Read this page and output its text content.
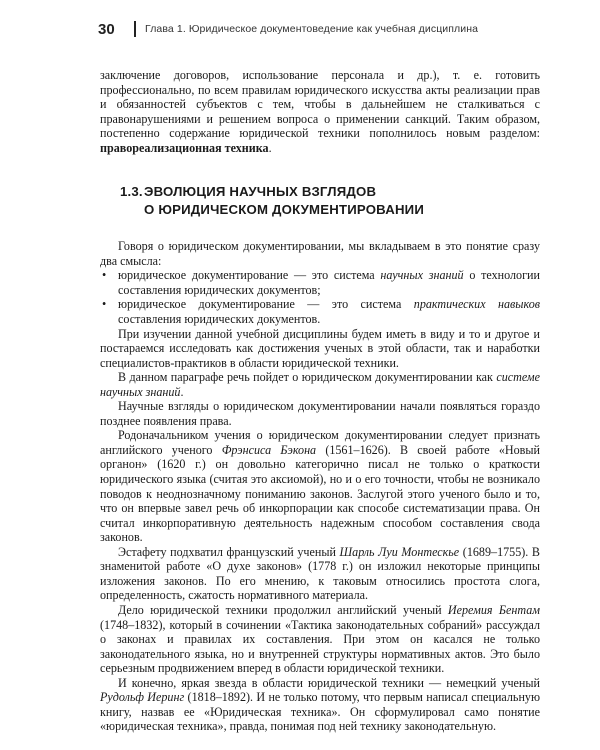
30	Глава 1. Юридическое документоведение как учебная дисциплина

заключение договоров, использование персонала и др.), т. е. готовить профессионально, по всем правилам юридического искусства акты реализации прав и обязанностей субъектов с тем, чтобы в дальнейшем не сталкиваться с правонарушениями и решением вопроса о применении санкций. Таким образом, постепенно содержание юридической техники пополнилось новым разделом: правореализационная техника.

1.3.ЭВОЛЮЦИЯ НАУЧНЫХ ВЗГЛЯДОВ
О ЮРИДИЧЕСКОМ ДОКУМЕНТИРОВАНИИ

Говоря о юридическом документировании, мы вкладываем в это понятие сразу два смысла:

• юридическое документирование — это система научных знаний о технологии составления юридических документов;
• юридическое документирование — это система практических навыков составления юридических документов.

При изучении данной учебной дисциплины будем иметь в виду и то и другое и постараемся исследовать как достижения ученых в этой области, так и наработки специалистов-практиков в области юридической техники.

В данном параграфе речь пойдет о юридическом документировании как системе научных знаний.

Научные взгляды о юридическом документировании начали появляться гораздо позднее появления права.

Родоначальником учения о юридическом документировании следует признать английского ученого Фрэнсиса Бэкона (1561–1626). В своей работе «Новый органон» (1620 г.) он довольно категорично писал не только о краткости юридического языка (считая это аксиомой), но и о его точности, чтобы не возникало поводов к неоднозначному пониманию законов. Заслугой этого ученого было и то, что он впервые завел речь об инкорпорации как способе систематизации права. Он считал инкорпоративную деятельность надежным способом составления свода законов.

Эстафету подхватил французский ученый Шарль Луи Монтескье (1689–1755). В знаменитой работе «О духе законов» (1778 г.) он изложил некоторые принципы изложения законов. По его мнению, к таковым относились простота слога, определенность, сжатость нормативного материала.

Дело юридической техники продолжил английский ученый Иеремия Бентам (1748–1832), который в сочинении «Тактика законодательных собраний» рассуждал о законах и правилах их составления. При этом он касался не только законодательного языка, но и внутренней структуры нормативных актов. Это было серьезным продвижением вперед в области юридической техники.

И конечно, яркая звезда в области юридической техники — немецкий ученый Рудольф Иеринг (1818–1892). И не только потому, что первым написал специальную книгу, назвав ее «Юридическая техника». Он сформулировал само понятие «юридическая техника», правда, понимая под ней технику законодательную.
